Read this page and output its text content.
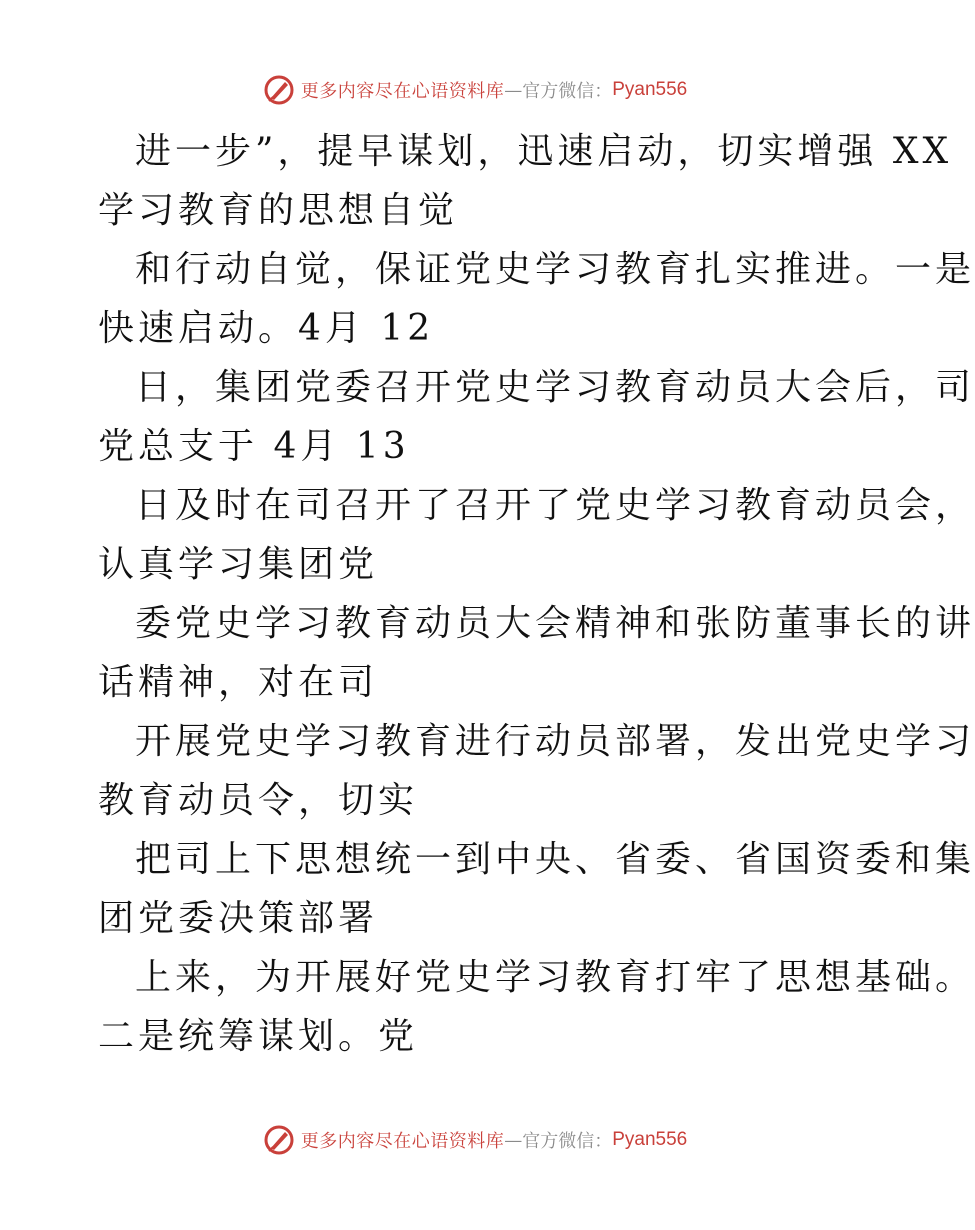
更多内容尽在心语资料库 — 官方微信： Pyan556
进一步”，提早谋划，迅速启动，切实增强 XX
学习教育的思想自觉
和行动自觉，保证党史学习教育扎实推进。一是
快速启动。4月 12
日，集团党委召开党史学习教育动员大会后，司
党总支于 4月 13
日及时在司召开了召开了党史学习教育动员会，
认真学习集团党
委党史学习教育动员大会精神和张防董事长的讲
话精神，对在司
开展党史学习教育进行动员部署，发出党史学习
教育动员令，切实
把司上下思想统一到中央、省委、省国资委和集
团党委决策部署
上来，为开展好党史学习教育打牢了思想基础。
二是统筹谋划。党
更多内容尽在心语资料库 — 官方微信： Pyan556
